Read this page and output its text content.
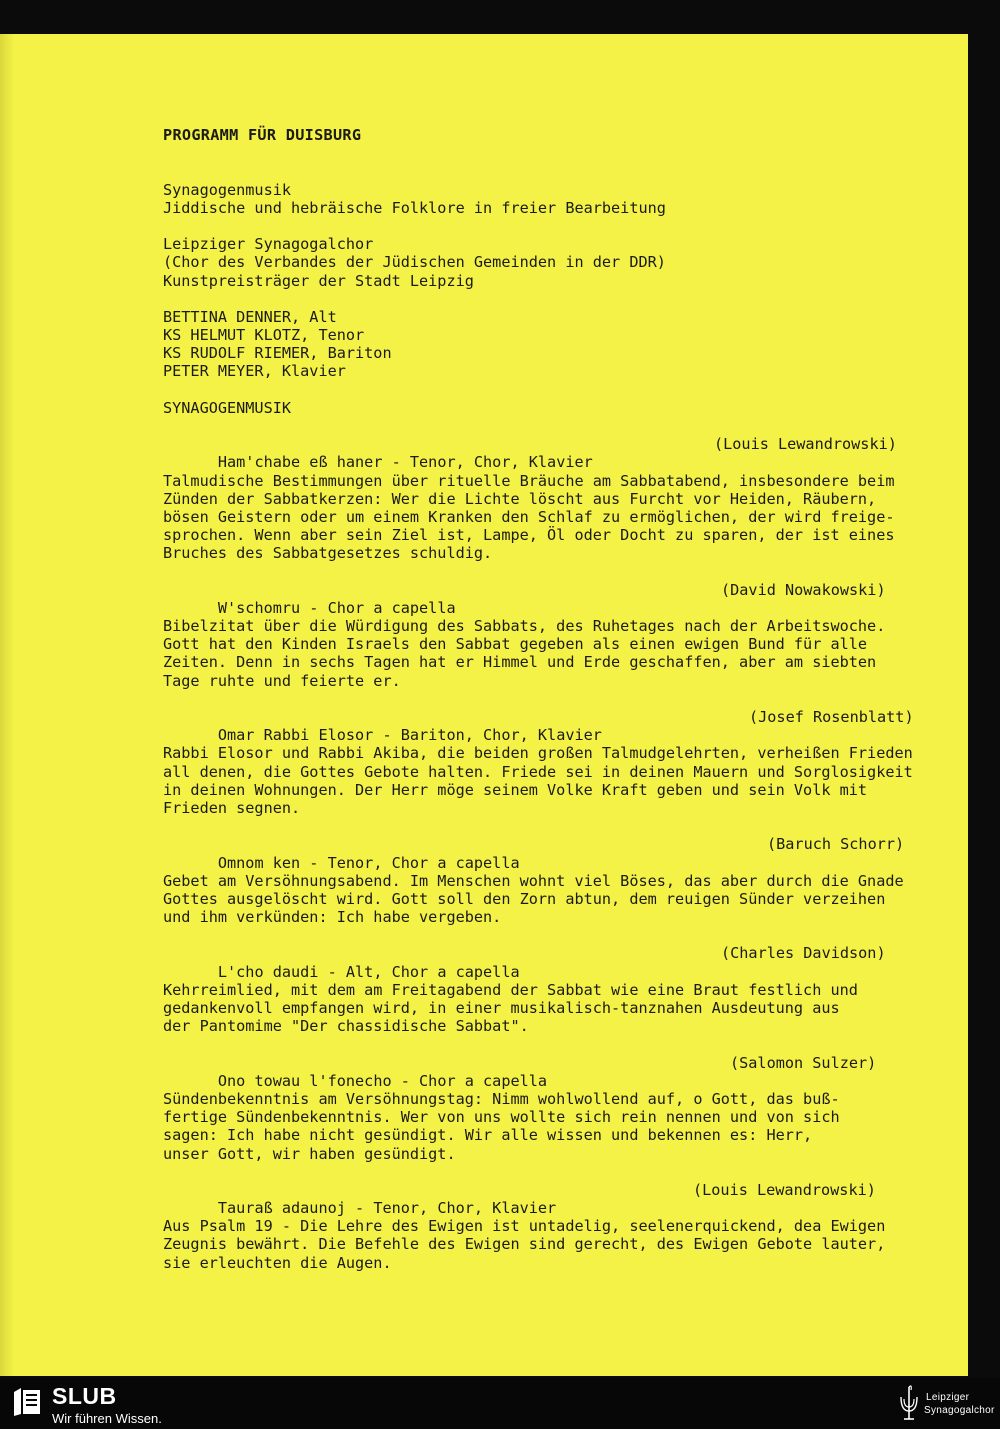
PROGRAMM FÜR DUISBURG
Synagogenmusik
Jiddische und hebräische Folklore in freier Bearbeitung
Leipziger Synagogalchor
(Chor des Verbandes der Jüdischen Gemeinden in der DDR)
Kunstpreisträger der Stadt Leipzig
BETTINA DENNER, Alt
KS HELMUT KLOTZ, Tenor
KS RUDOLF RIEMER, Bariton
PETER MEYER, Klavier
SYNAGOGENMUSIK

Ham'chabe eß haner - Tenor, Chor, Klavier

(Louis Lewandrowski)

Talmudische Bestimmungen über rituelle Bräuche am Sabbatabend, insbesondere beim
Zünden der Sabbatkerzen: Wer die Lichte löscht aus Furcht vor Heiden, Räubern,
bösen Geistern oder um einem Kranken den Schlaf zu ermöglichen, der wird freige-
sprochen. Wenn aber sein Ziel ist, Lampe, Öl oder Docht zu sparen, der ist eines
Bruches des Sabbatgesetzes schuldig.

W'schomru - Chor a capella

(David Nowakowski)

Bibelzitat über die Würdigung des Sabbats, des Ruhetages nach der Arbeitswoche.
Gott hat den Kinden Israels den Sabbat gegeben als einen ewigen Bund für alle
Zeiten. Denn in sechs Tagen hat er Himmel und Erde geschaffen, aber am siebten
Tage ruhte und feierte er.

Omar Rabbi Elosor - Bariton, Chor, Klavier

(Josef Rosenblatt)

Rabbi Elosor und Rabbi Akiba, die beiden großen Talmudgelehrten, verheißen Frieden
all denen, die Gottes Gebote halten. Friede sei in deinen Mauern und Sorglosigkeit
in deinen Wohnungen. Der Herr möge seinem Volke Kraft geben und sein Volk mit
Frieden segnen.

Omnom ken - Tenor, Chor a capella

(Baruch Schorr)

Gebet am Versöhnungsabend. Im Menschen wohnt viel Böses, das aber durch die Gnade
Gottes ausgelöscht wird. Gott soll den Zorn abtun, dem reuigen Sünder verzeihen
und ihm verkünden: Ich habe vergeben.

L'cho daudi - Alt, Chor a capella

(Charles Davidson)

Kehrreimlied, mit dem am Freitagabend der Sabbat wie eine Braut festlich und
gedankenvoll empfangen wird, in einer musikalisch-tanznahen Ausdeutung aus
der Pantomime "Der chassidische Sabbat".

Ono towau l'fonecho - Chor a capella

(Salomon Sulzer)

Sündenbekenntnis am Versöhnungstag: Nimm wohlwollend auf, o Gott, das buß-
fertige Sündenbekenntnis. Wer von uns wollte sich rein nennen und von sich
sagen: Ich habe nicht gesündigt. Wir alle wissen und bekennen es: Herr,
unser Gott, wir haben gesündigt.

Tauraß adaunoj - Tenor, Chor, Klavier

(Louis Lewandrowski)

Aus Psalm 19 - Die Lehre des Ewigen ist untadelig, seelenerquickend, dea Ewigen
Zeugnis bewährt. Die Befehle des Ewigen sind gerecht, des Ewigen Gebote lauter,
sie erleuchten die Augen.
SLUB
Wir führen Wissen.
Leipziger
Synagogalchor
